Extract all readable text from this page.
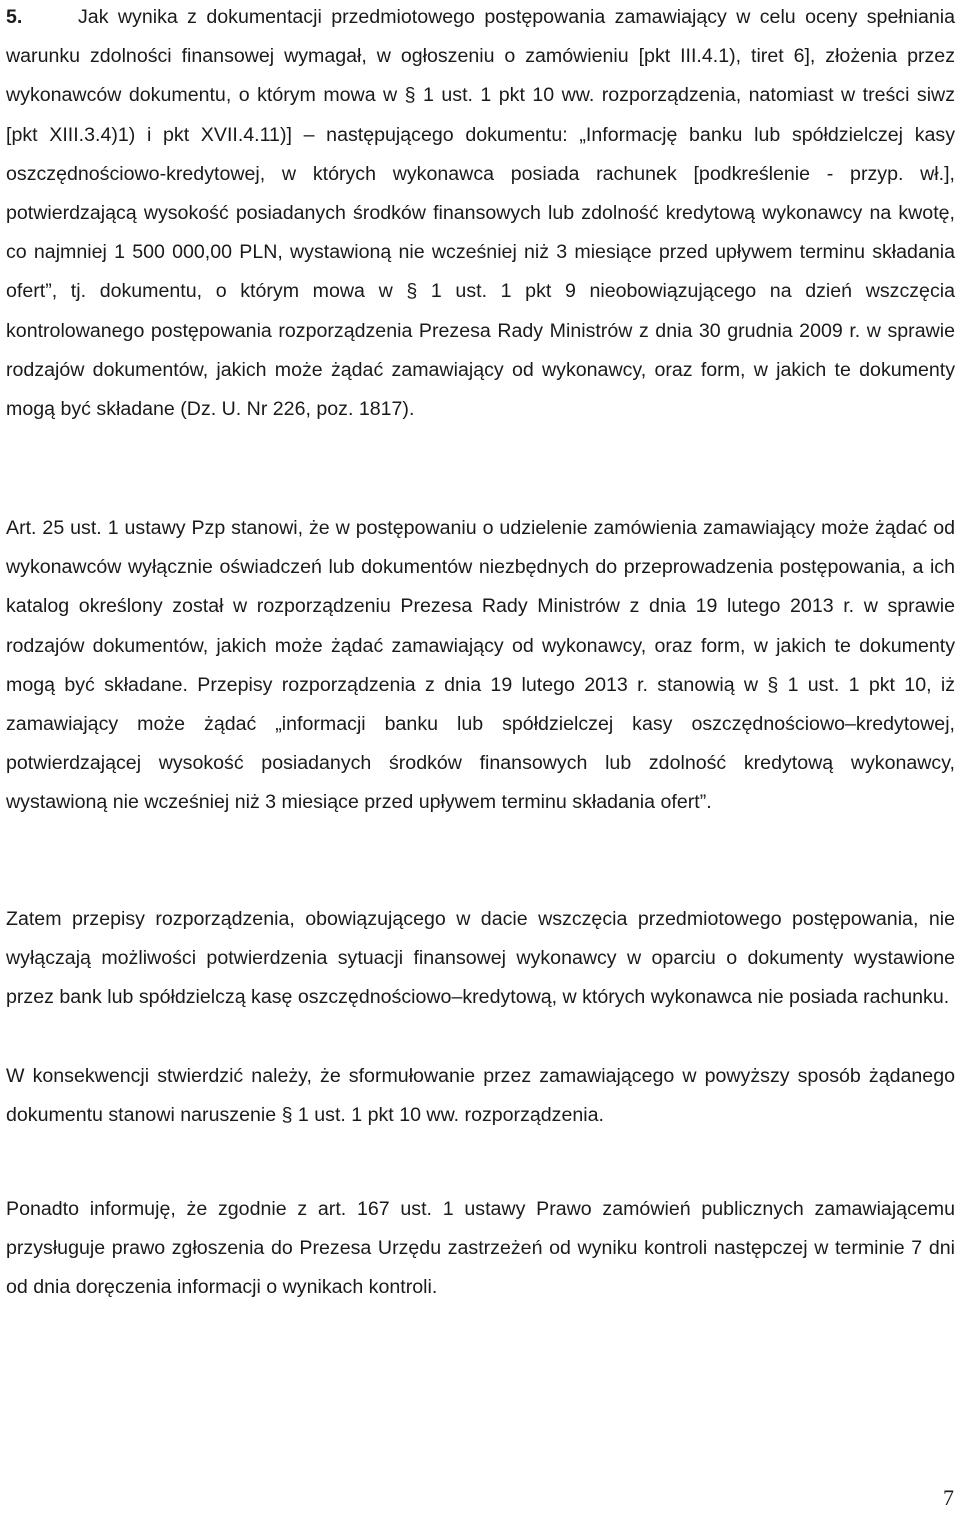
5.	Jak wynika z dokumentacji przedmiotowego postępowania zamawiający w celu oceny spełniania warunku zdolności finansowej wymagał, w ogłoszeniu o zamówieniu [pkt III.4.1), tiret 6], złożenia przez wykonawców dokumentu, o którym mowa w § 1 ust. 1 pkt 10 ww. rozporządzenia, natomiast w treści siwz [pkt XIII.3.4)1) i pkt XVII.4.11)] – następującego dokumentu: „Informację banku lub spółdzielczej kasy oszczędnościowo-kredytowej, w których wykonawca posiada rachunek [podkreślenie - przyp. wł.], potwierdzającą wysokość posiadanych środków finansowych lub zdolność kredytową wykonawcy na kwotę, co najmniej 1 500 000,00 PLN, wystawioną nie wcześniej niż 3 miesiące przed upływem terminu składania ofert”, tj. dokumentu, o którym mowa w § 1 ust. 1 pkt 9 nieobowiązującego na dzień wszczęcia kontrolowanego postępowania rozporządzenia Prezesa Rady Ministrów z dnia 30 grudnia 2009 r. w sprawie rodzajów dokumentów, jakich może żądać zamawiający od wykonawcy, oraz form, w jakich te dokumenty mogą być składane (Dz. U. Nr 226, poz. 1817).

Art. 25 ust. 1 ustawy Pzp stanowi, że w postępowaniu o udzielenie zamówienia zamawiający może żądać od wykonawców wyłącznie oświadczeń lub dokumentów niezbędnych do przeprowadzenia postępowania, a ich katalog określony został w rozporządzeniu Prezesa Rady Ministrów z dnia 19 lutego 2013 r. w sprawie rodzajów dokumentów, jakich może żądać zamawiający od wykonawcy, oraz form, w jakich te dokumenty mogą być składane. Przepisy rozporządzenia z dnia 19 lutego 2013 r. stanowią w § 1 ust. 1 pkt 10, iż zamawiający może żądać „informacji banku lub spółdzielczej kasy oszczędnościowo–kredytowej, potwierdzającej wysokość posiadanych środków finansowych lub zdolność kredytową wykonawcy, wystawioną nie wcześniej niż 3 miesiące przed upływem terminu składania ofert”.

Zatem przepisy rozporządzenia, obowiązującego w dacie wszczęcia przedmiotowego postępowania, nie wyłączają możliwości potwierdzenia sytuacji finansowej wykonawcy w oparciu o dokumenty wystawione przez bank lub spółdzielczą kasę oszczędnościowo–kredytową, w których wykonawca nie posiada rachunku.

W konsekwencji stwierdzić należy, że sformułowanie przez zamawiającego w powyższy sposób żądanego dokumentu stanowi naruszenie § 1 ust. 1 pkt 10 ww. rozporządzenia.

Ponadto informuję, że zgodnie z art. 167 ust. 1 ustawy Prawo zamówień publicznych zamawiającemu przysługuje prawo zgłoszenia do Prezesa Urzędu zastrzeżeń od wyniku kontroli następczej w terminie 7 dni od dnia doręczenia informacji o wynikach kontroli.

7
